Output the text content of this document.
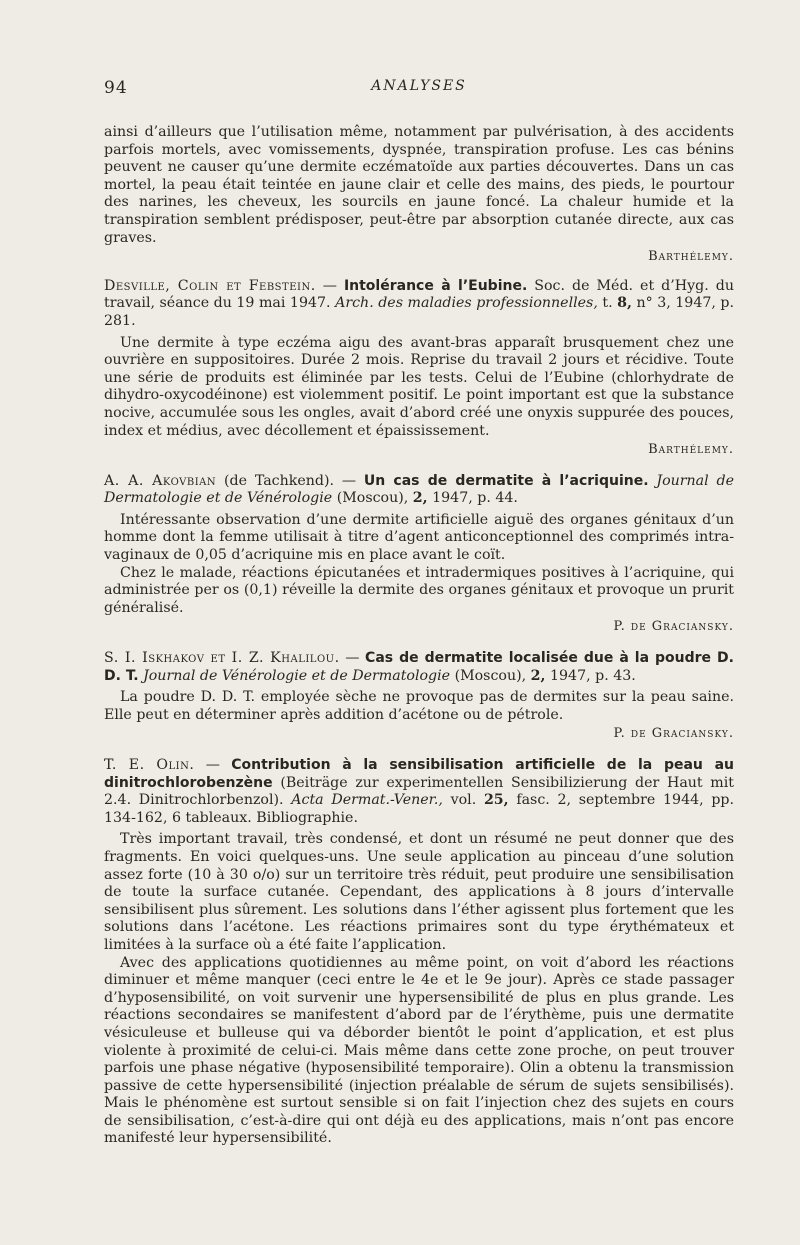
94	ANALYSES

ainsi d’ailleurs que l’utilisation même, notamment par pulvérisation, à des accidents parfois mortels, avec vomissements, dyspnée, transpiration profuse. Les cas bénins peuvent ne causer qu’une dermite eczématoïde aux parties découvertes. Dans un cas mortel, la peau était teintée en jaune clair et celle des mains, des pieds, le pourtour des narines, les cheveux, les sourcils en jaune foncé. La chaleur humide et la transpiration semblent prédisposer, peut-être par absorption cutanée directe, aux cas graves.

Barthélemy.

Desville, Colin et Febstein. — Intolérance à l’Eubine. Soc. de Méd. et d’Hyg. du travail, séance du 19 mai 1947. Arch. des maladies professionnelles, t. 8, n° 3, 1947, p. 281.

Une dermite à type eczéma aigu des avant-bras apparaît brusquement chez une ouvrière en suppositoires. Durée 2 mois. Reprise du travail 2 jours et récidive. Toute une série de produits est éliminée par les tests. Celui de l’Eubine (chlorhydrate de dihydro-oxycodéinone) est violemment positif. Le point important est que la substance nocive, accumulée sous les ongles, avait d’abord créé une onyxis suppurée des pouces, index et médius, avec décollement et épaississement.

Barthélemy.

A. A. Akovbian (de Tachkend). — Un cas de dermatite à l’acriquine. Journal de Dermatologie et de Vénérologie (Moscou), 2, 1947, p. 44.

Intéressante observation d’une dermite artificielle aiguë des organes génitaux d’un homme dont la femme utilisait à titre d’agent anticonceptionnel des comprimés intra-vaginaux de 0,05 d’acriquine mis en place avant le coït.

Chez le malade, réactions épicutanées et intradermiques positives à l’acriquine, qui administrée per os (0,1) réveille la dermite des organes génitaux et provoque un prurit généralisé.

P. de Graciansky.

S. I. Iskhakov et I. Z. Khalilou. — Cas de dermatite localisée due à la poudre D. D. T. Journal de Vénérologie et de Dermatologie (Moscou), 2, 1947, p. 43.

La poudre D. D. T. employée sèche ne provoque pas de dermites sur la peau saine. Elle peut en déterminer après addition d’acétone ou de pétrole.

P. de Graciansky.

T. E. Olin. — Contribution à la sensibilisation artificielle de la peau au dinitrochlorobenzène (Beiträge zur experimentellen Sensibilizierung der Haut mit 2.4. Dinitrochlorbenzol). Acta Dermat.-Vener., vol. 25, fasc. 2, septembre 1944, pp. 134-162, 6 tableaux. Bibliographie.

Très important travail, très condensé, et dont un résumé ne peut donner que des fragments. En voici quelques-uns. Une seule application au pinceau d’une solution assez forte (10 à 30 o/o) sur un territoire très réduit, peut produire une sensibilisation de toute la surface cutanée. Cependant, des applications à 8 jours d’intervalle sensibilisent plus sûrement. Les solutions dans l’éther agissent plus fortement que les solutions dans l’acétone. Les réactions primaires sont du type érythémateux et limitées à la surface où a été faite l’application.

Avec des applications quotidiennes au même point, on voit d’abord les réactions diminuer et même manquer (ceci entre le 4e et le 9e jour). Après ce stade passager d’hyposensibilité, on voit survenir une hypersensibilité de plus en plus grande. Les réactions secondaires se manifestent d’abord par de l’érythème, puis une dermatite vésiculeuse et bulleuse qui va déborder bientôt le point d’application, et est plus violente à proximité de celui-ci. Mais même dans cette zone proche, on peut trouver parfois une phase négative (hyposensibilité temporaire). Olin a obtenu la transmission passive de cette hypersensibilité (injection préalable de sérum de sujets sensibilisés). Mais le phénomène est surtout sensible si on fait l’injection chez des sujets en cours de sensibilisation, c’est-à-dire qui ont déjà eu des applications, mais n’ont pas encore manifesté leur hypersensibilité.
